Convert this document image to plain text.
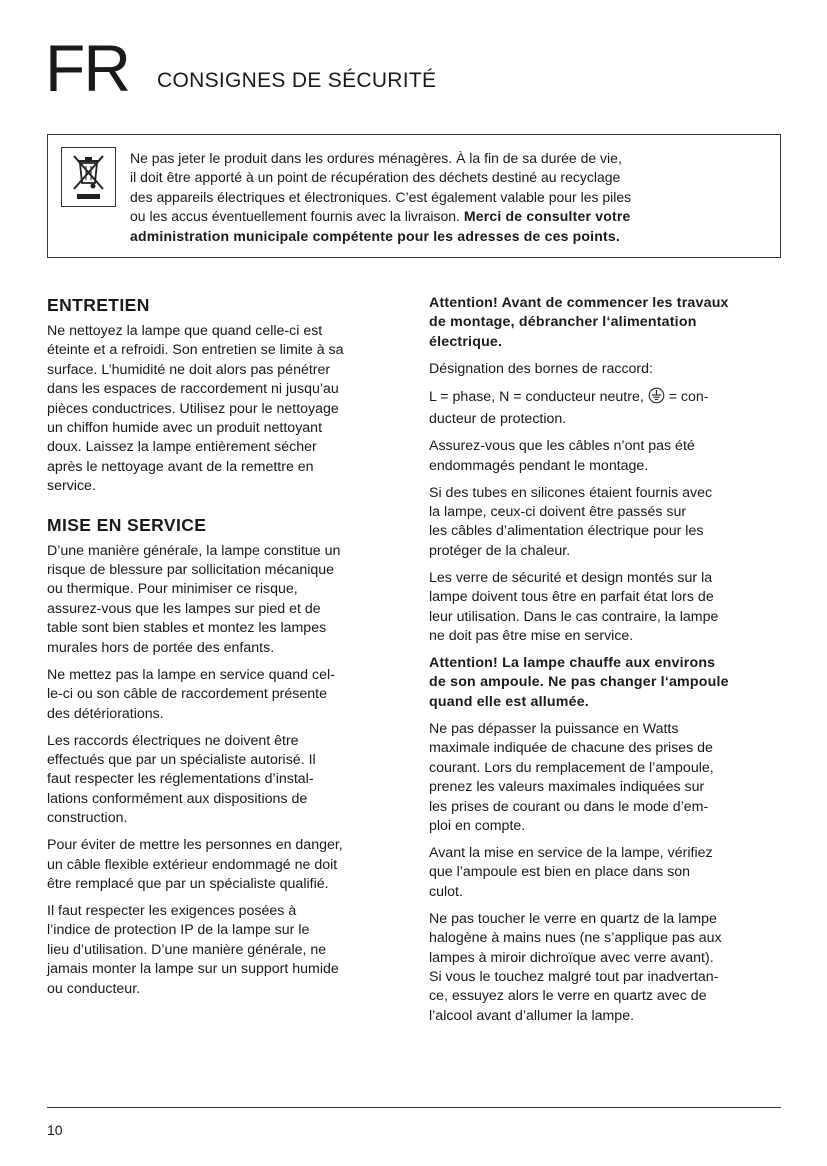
FR CONSIGNES DE SÉCURITÉ
Ne pas jeter le produit dans les ordures ménagères. À la fin de sa durée de vie,
il doit être apporté à un point de récupération des déchets destiné au recyclage
des appareils électriques et électroniques. C’est également valable pour les piles
ou les accus éventuellement fournis avec la livraison. Merci de consulter votre
administration municipale compétente pour les adresses de ces points.
ENTRETIEN

Ne nettoyez la lampe que quand celle-ci est
éteinte et a refroidi. Son entretien se limite à sa
surface. L’humidité ne doit alors pas pénétrer
dans les espaces de raccordement ni jusqu’au
pièces conductrices. Utilisez pour le nettoyage
un chiffon humide avec un produit nettoyant
doux. Laissez la lampe entièrement sécher
après le nettoyage avant de la remettre en
service.

MISE EN SERVICE

D’une manière générale, la lampe constitue un
risque de blessure par sollicitation mécanique
ou thermique. Pour minimiser ce risque,
assurez-vous que les lampes sur pied et de
table sont bien stables et montez les lampes
murales hors de portée des enfants.

Ne mettez pas la lampe en service quand cel-
le-ci ou son câble de raccordement présente
des détériorations.

Les raccords électriques ne doivent être
effectués que par un spécialiste autorisé. Il
faut respecter les réglementations d’instal-
lations conformément aux dispositions de
construction.

Pour éviter de mettre les personnes en danger,
un câble flexible extérieur endommagé ne doit
être remplacé que par un spécialiste qualifié.

Il faut respecter les exigences posées à
l’indice de protection IP de la lampe sur le
lieu d’utilisation. D’une manière générale, ne
jamais monter la lampe sur un support humide
ou conducteur.

Attention! Avant de commencer les travaux
de montage, débrancher l‘alimentation
électrique.

Désignation des bornes de raccord:

L = phase, N = conducteur neutre, = con-
ducteur de protection.

Assurez-vous que les câbles n’ont pas été
endommagés pendant le montage.

Si des tubes en silicones étaient fournis avec
la lampe, ceux-ci doivent être passés sur
les câbles d’alimentation électrique pour les
protéger de la chaleur.

Les verre de sécurité et design montés sur la
lampe doivent tous être en parfait état lors de
leur utilisation. Dans le cas contraire, la lampe
ne doit pas être mise en service.

Attention! La lampe chauffe aux environs
de son ampoule. Ne pas changer l‘ampoule
quand elle est allumée.

Ne pas dépasser la puissance en Watts
maximale indiquée de chacune des prises de
courant. Lors du remplacement de l’ampoule,
prenez les valeurs maximales indiquées sur
les prises de courant ou dans le mode d’em-
ploi en compte.

Avant la mise en service de la lampe, vérifiez
que l’ampoule est bien en place dans son
culot.

Ne pas toucher le verre en quartz de la lampe
halogène à mains nues (ne s’applique pas aux
lampes à miroir dichroïque avec verre avant).
Si vous le touchez malgré tout par inadvertan-
ce, essuyez alors le verre en quartz avec de
l’alcool avant d’allumer la lampe.

10
